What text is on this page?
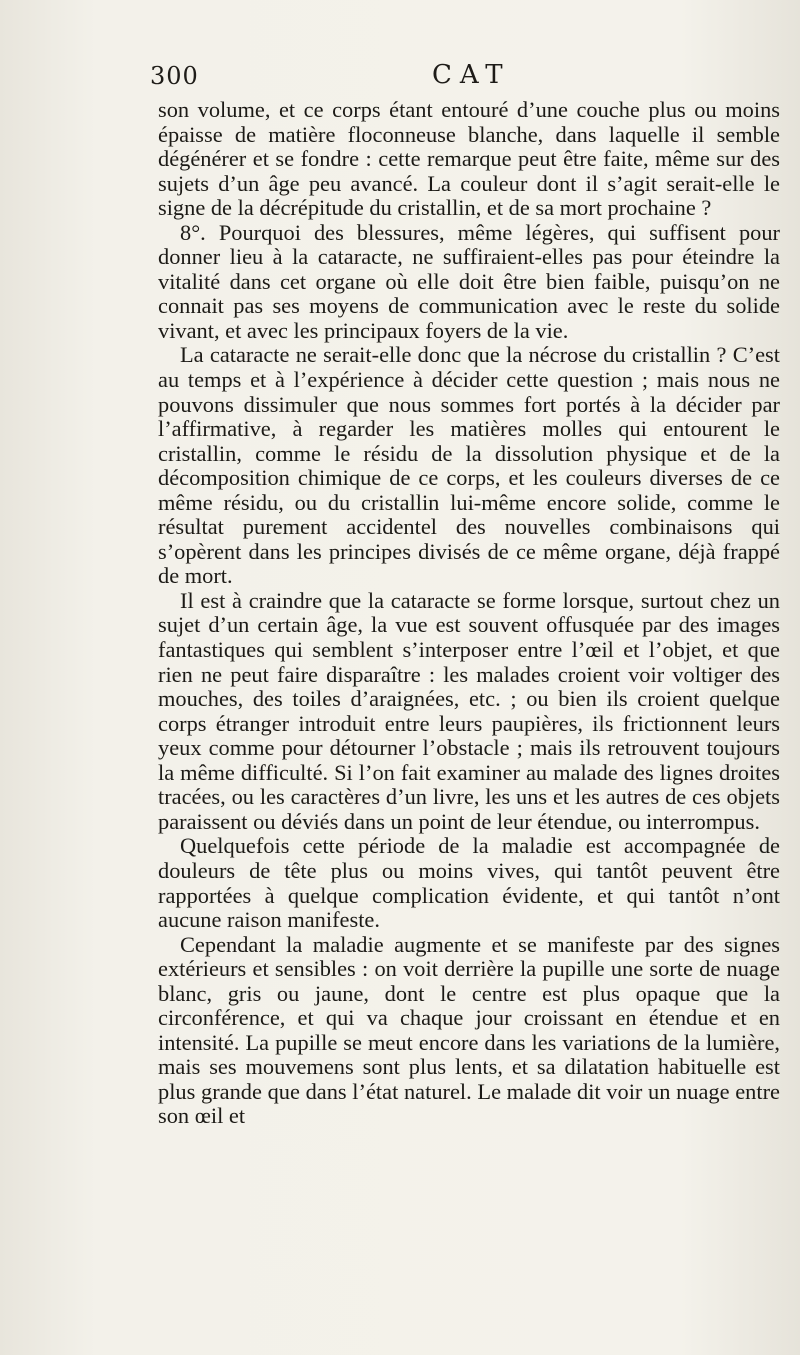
300	CAT

son volume, et ce corps étant entouré d’une couche plus ou moins épaisse de matière floconneuse blanche, dans laquelle il semble dégénérer et se fondre : cette remarque peut être faite, même sur des sujets d’un âge peu avancé. La couleur dont il s’agit serait-elle le signe de la décrépitude du cristallin, et de sa mort prochaine ?

8°. Pourquoi des blessures, même légères, qui suffisent pour donner lieu à la cataracte, ne suffiraient-elles pas pour éteindre la vitalité dans cet organe où elle doit être bien faible, puisqu’on ne connait pas ses moyens de communication avec le reste du solide vivant, et avec les principaux foyers de la vie.

La cataracte ne serait-elle donc que la nécrose du cristallin ? C’est au temps et à l’expérience à décider cette question ; mais nous ne pouvons dissimuler que nous sommes fort portés à la décider par l’affirmative, à regarder les matières molles qui entourent le cristallin, comme le résidu de la dissolution physique et de la décomposition chimique de ce corps, et les couleurs diverses de ce même résidu, ou du cristallin lui-même encore solide, comme le résultat purement accidentel des nouvelles combinaisons qui s’opèrent dans les principes divisés de ce même organe, déjà frappé de mort.

Il est à craindre que la cataracte se forme lorsque, surtout chez un sujet d’un certain âge, la vue est souvent offusquée par des images fantastiques qui semblent s’interposer entre l’œil et l’objet, et que rien ne peut faire disparaître : les malades croient voir voltiger des mouches, des toiles d’araignées, etc. ; ou bien ils croient quelque corps étranger introduit entre leurs paupières, ils frictionnent leurs yeux comme pour détourner l’obstacle ; mais ils retrouvent toujours la même difficulté. Si l’on fait examiner au malade des lignes droites tracées, ou les caractères d’un livre, les uns et les autres de ces objets paraissent ou déviés dans un point de leur étendue, ou interrompus.

Quelquefois cette période de la maladie est accompagnée de douleurs de tête plus ou moins vives, qui tantôt peuvent être rapportées à quelque complication évidente, et qui tantôt n’ont aucune raison manifeste.

Cependant la maladie augmente et se manifeste par des signes extérieurs et sensibles : on voit derrière la pupille une sorte de nuage blanc, gris ou jaune, dont le centre est plus opaque que la circonférence, et qui va chaque jour croissant en étendue et en intensité. La pupille se meut encore dans les variations de la lumière, mais ses mouvemens sont plus lents, et sa dilatation habituelle est plus grande que dans l’état naturel. Le malade dit voir un nuage entre son œil et
